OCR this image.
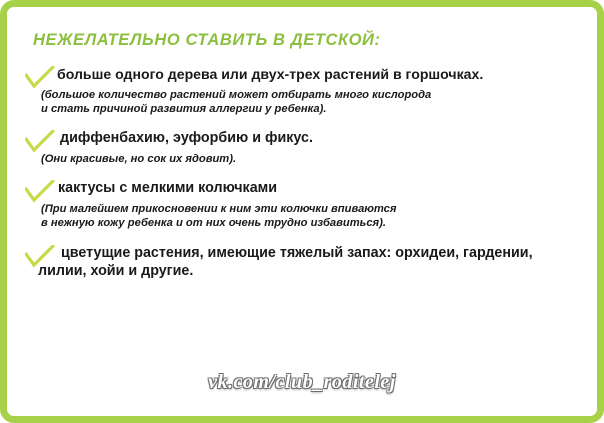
НЕЖЕЛАТЕЛЬНО СТАВИТЬ В ДЕТСКОЙ:

больше одного дерева или двух-трех растений в горшочках.

(большое количество растений может отбирать много кислорода
и стать причиной развития аллергии у ребенка).

диффенбахию, эуфорбию и фикус.

(Они красивые, но сок их ядовит).

кактусы с мелкими колючками

(При малейшем прикосновении к ним эти колючки впиваются
в нежную кожу ребенка и от них очень трудно избавиться).

цветущие растения, имеющие тяжелый запах: орхидеи, гардении,
лилии, хойи и другие.

vk.com/club_roditelej
